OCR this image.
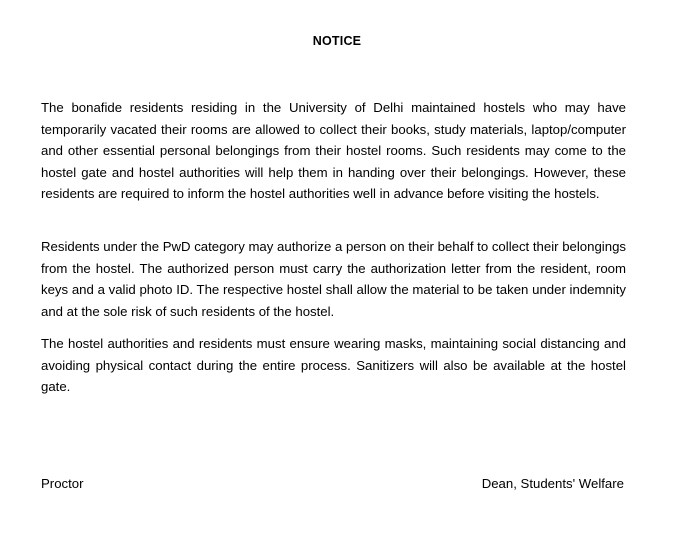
NOTICE

The bonafide residents residing in the University of Delhi maintained hostels who may have temporarily vacated their rooms are allowed to collect their books, study materials, laptop/computer and other essential personal belongings from their hostel rooms. Such residents may come to the hostel gate and hostel authorities will help them in handing over their belongings. However, these residents are required to inform the hostel authorities well in advance before visiting the hostels.

Residents under the PwD category may authorize a person on their behalf to collect their belongings from the hostel. The authorized person must carry the authorization letter from the resident, room keys and a valid photo ID. The respective hostel shall allow the material to be taken under indemnity and at the sole risk of such residents of the hostel.

The hostel authorities and residents must ensure wearing masks, maintaining social distancing and avoiding physical contact during the entire process. Sanitizers will also be available at the hostel gate.

Proctor	Dean, Students' Welfare
